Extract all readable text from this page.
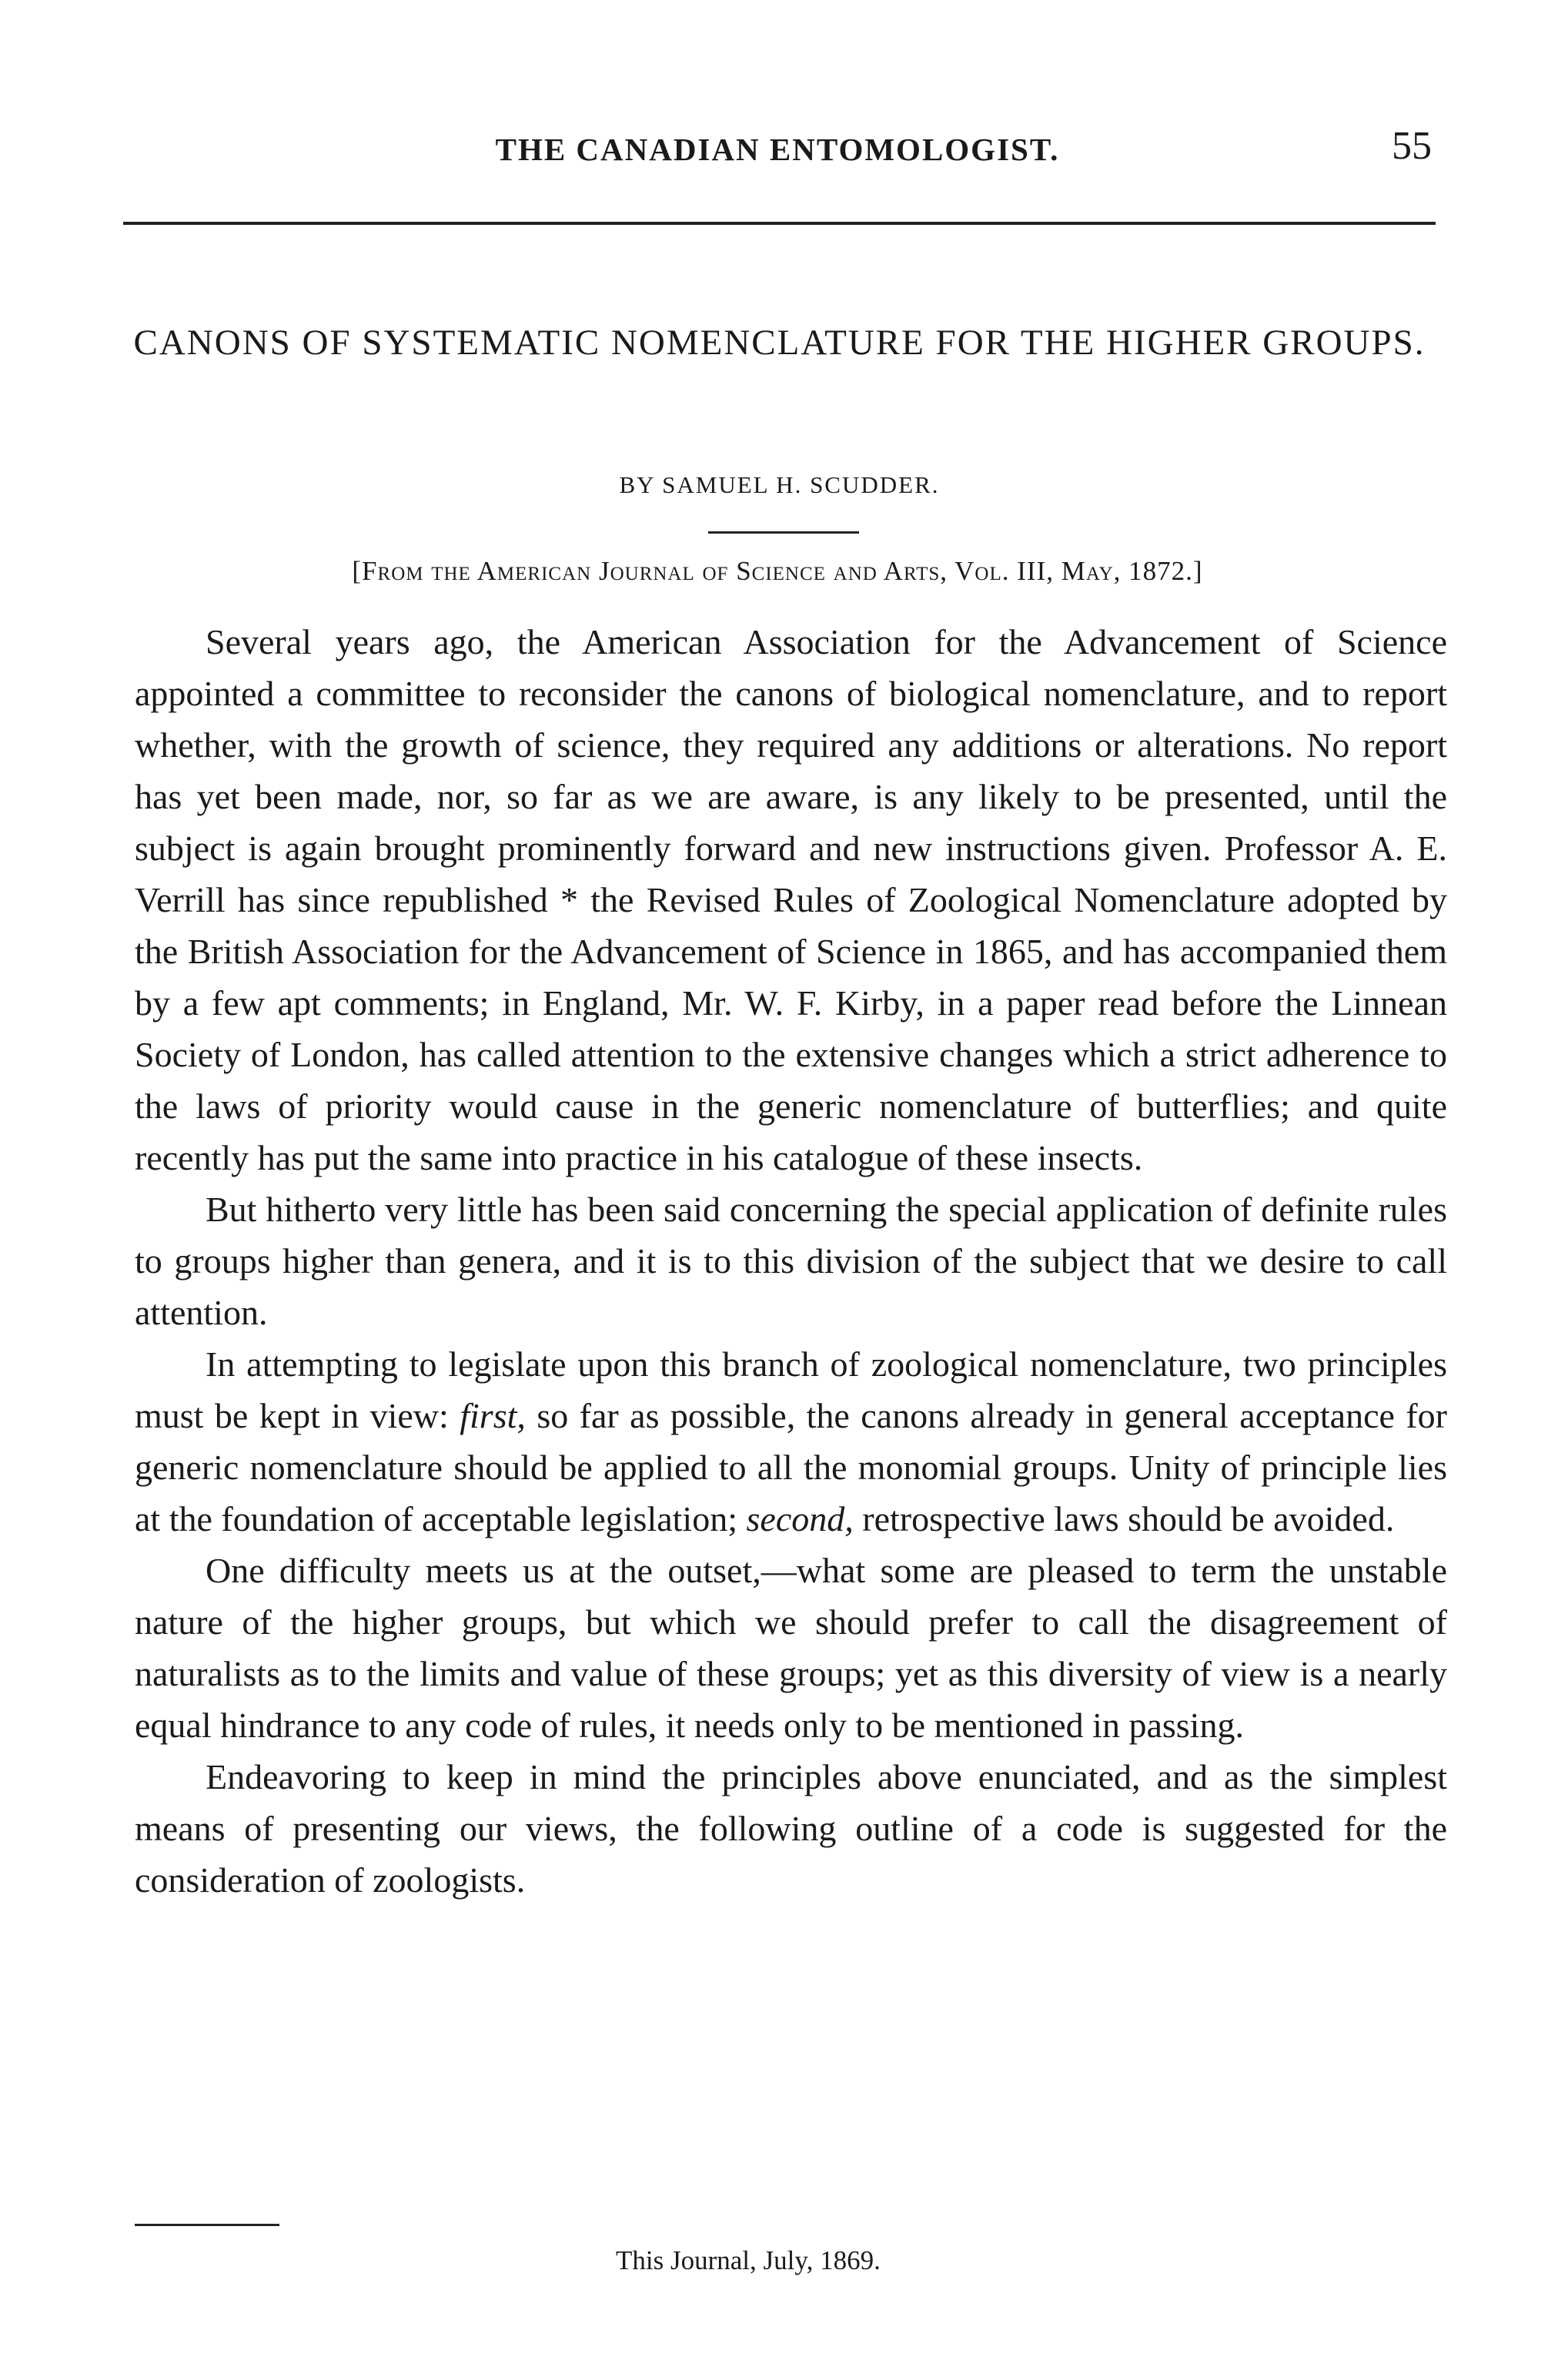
THE CANADIAN ENTOMOLOGIST.	55
CANONS OF SYSTEMATIC NOMENCLATURE FOR THE HIGHER GROUPS.
BY SAMUEL H. SCUDDER.
[From the American Journal of Science and Arts, Vol. III, May, 1872.]

Several years ago, the American Association for the Advancement of Science appointed a committee to reconsider the canons of biological nomenclature, and to report whether, with the growth of science, they required any additions or alterations. No report has yet been made, nor, so far as we are aware, is any likely to be presented, until the subject is again brought prominently forward and new instructions given. Professor A. E. Verrill has since republished * the Revised Rules of Zoological Nomenclature adopted by the British Association for the Advancement of Science in 1865, and has accompanied them by a few apt comments; in England, Mr. W. F. Kirby, in a paper read before the Linnean Society of London, has called attention to the extensive changes which a strict adherence to the laws of priority would cause in the generic nomenclature of butterflies; and quite recently has put the same into practice in his catalogue of these insects.

But hitherto very little has been said concerning the special application of definite rules to groups higher than genera, and it is to this division of the subject that we desire to call attention.

In attempting to legislate upon this branch of zoological nomenclature, two principles must be kept in view: first, so far as possible, the canons already in general acceptance for generic nomenclature should be applied to all the monomial groups. Unity of principle lies at the foundation of acceptable legislation; second, retrospective laws should be avoided.

One difficulty meets us at the outset,—what some are pleased to term the unstable nature of the higher groups, but which we should prefer to call the disagreement of naturalists as to the limits and value of these groups; yet as this diversity of view is a nearly equal hindrance to any code of rules, it needs only to be mentioned in passing.

Endeavoring to keep in mind the principles above enunciated, and as the simplest means of presenting our views, the following outline of a code is suggested for the consideration of zoologists.

This Journal, July, 1869.
